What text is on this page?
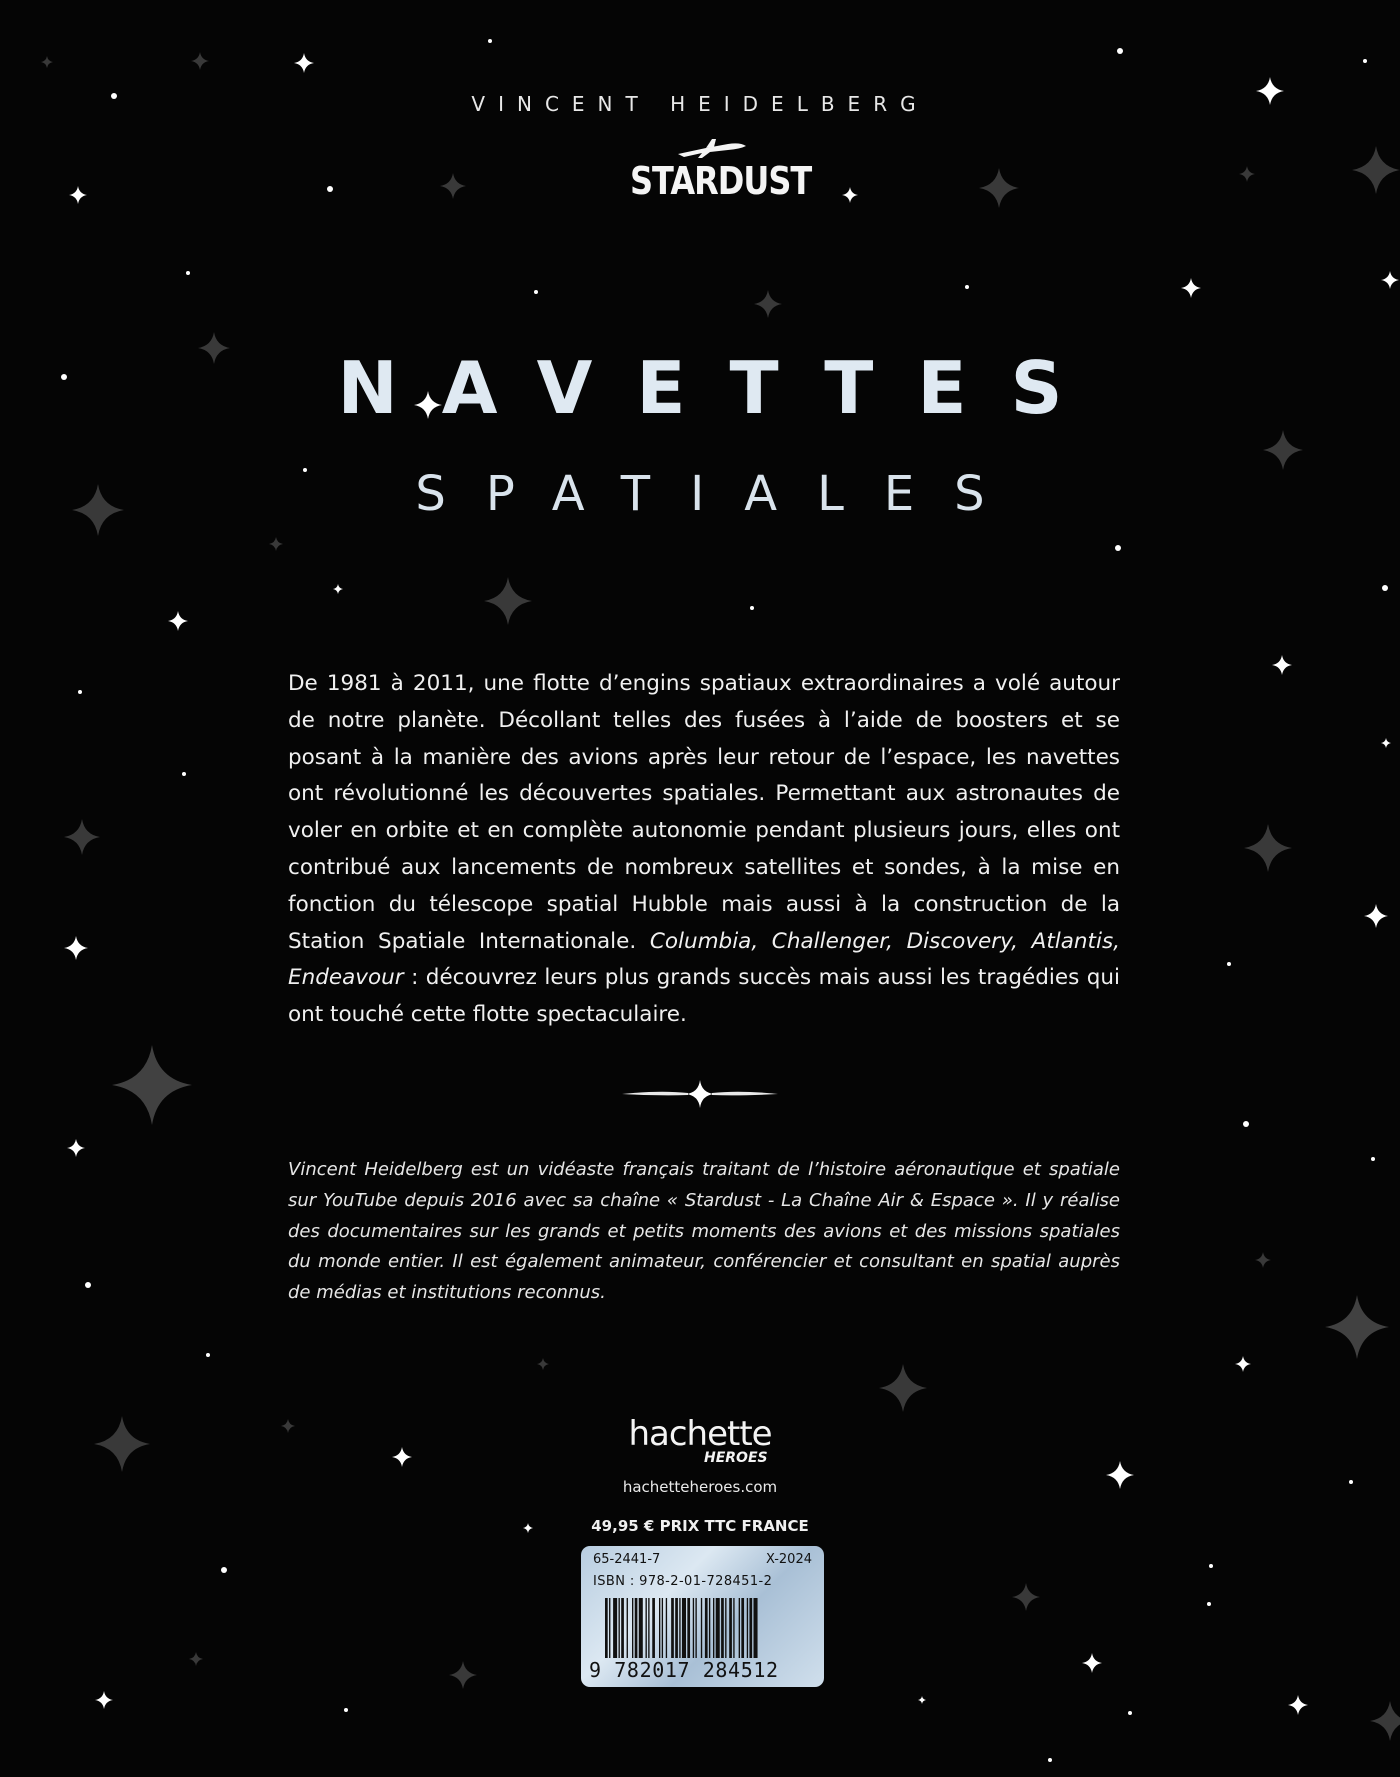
VINCENT HEIDELBERG
STARDUST
NAVETTES
SPATIALES
De 1981 à 2011, une flotte d’engins spatiaux extraordinaires a volé autour de notre planète. Décollant telles des fusées à l’aide de boosters et se posant à la manière des avions après leur retour de l’espace, les navettes ont révolutionné les découvertes spatiales. Permettant aux astronautes de voler en orbite et en complète autonomie pendant plusieurs jours, elles ont contribué aux lancements de nombreux satellites et sondes, à la mise en fonction du télescope spatial Hubble mais aussi à la construction de la Station Spatiale Internationale. Columbia, Challenger, Discovery, Atlantis, Endeavour : découvrez leurs plus grands succès mais aussi les tragédies qui ont touché cette flotte spectaculaire.
Vincent Heidelberg est un vidéaste français traitant de l’histoire aéronautique et spatiale sur YouTube depuis 2016 avec sa chaîne « Stardust - La Chaîne Air & Espace ». Il y réalise des documentaires sur les grands et petits moments des avions et des missions spatiales du monde entier. Il est également animateur, conférencier et consultant en spatial auprès de médias et institutions reconnus.
hachette
HEROES
hachetteheroes.com
49,95 € PRIX TTC FRANCE
65-2441-7	X-2024
ISBN : 978-2-01-728451-2
9 782017 284512
